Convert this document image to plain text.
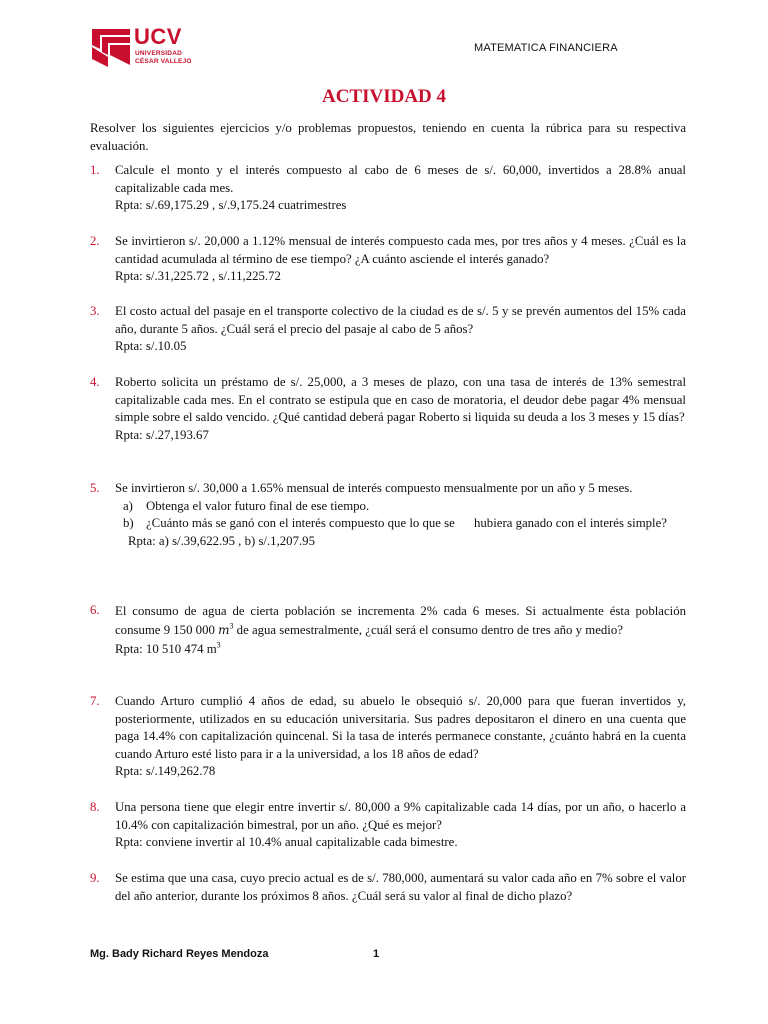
UCV
UNIVERSIDAD
CÉSAR VALLEJO
MATEMATICA FINANCIERA
ACTIVIDAD 4
Resolver los siguientes ejercicios y/o problemas propuestos, teniendo en cuenta la rúbrica para su respectiva evaluación.
1. Calcule el monto y el interés compuesto al cabo de 6 meses de s/. 60,000, invertidos a 28.8% anual capitalizable cada mes.
Rpta: s/.69,175.29 , s/.9,175.24 cuatrimestres
2. Se invirtieron s/. 20,000 a 1.12% mensual de interés compuesto cada mes, por tres años y 4 meses. ¿Cuál es la cantidad acumulada al término de ese tiempo? ¿A cuánto asciende el interés ganado?
Rpta: s/.31,225.72 , s/.11,225.72
3. El costo actual del pasaje en el transporte colectivo de la ciudad es de s/. 5 y se prevén aumentos del 15% cada año, durante 5 años. ¿Cuál será el precio del pasaje al cabo de 5 años?
Rpta: s/.10.05
4. Roberto solicita un préstamo de s/. 25,000, a 3 meses de plazo, con una tasa de interés de 13% semestral capitalizable cada mes. En el contrato se estipula que en caso de moratoria, el deudor debe pagar 4% mensual simple sobre el saldo vencido. ¿Qué cantidad deberá pagar Roberto si liquida su deuda a los 3 meses y 15 días?
Rpta: s/.27,193.67
5. Se invirtieron s/. 30,000 a 1.65% mensual de interés compuesto mensualmente por un año y 5 meses.
a)	Obtenga el valor futuro final de ese tiempo.
b) ¿Cuánto más se ganó con el interés compuesto que lo que se      hubiera ganado con el interés simple?
Rpta: a) s/.39,622.95 , b) s/.1,207.95
6. El consumo de agua de cierta población se incrementa 2% cada 6 meses. Si actualmente ésta población consume 9 150 000 $m^3$ de agua semestralmente, ¿cuál será el consumo dentro de tres año y medio?
Rpta: 10 510 474 $m^3$
7. Cuando Arturo cumplió 4 años de edad, su abuelo le obsequió s/. 20,000 para que fueran invertidos y, posteriormente, utilizados en su educación universitaria. Sus padres depositaron el dinero en una cuenta que paga 14.4% con capitalización quincenal. Si la tasa de interés permanece constante, ¿cuánto habrá en la cuenta cuando Arturo esté listo para ir a la universidad, a los 18 años de edad?
Rpta: s/.149,262.78
8. Una persona tiene que elegir entre invertir s/. 80,000 a 9% capitalizable cada 14 días, por un año, o hacerlo a 10.4% con capitalización bimestral, por un año. ¿Qué es mejor?
Rpta: conviene invertir al 10.4% anual capitalizable cada bimestre.
9. Se estima que una casa, cuyo precio actual es de s/. 780,000, aumentará su valor cada año en 7% sobre el valor del año anterior, durante los próximos 8 años. ¿Cuál será su valor al final de dicho plazo?
Mg. Bady Richard Reyes Mendoza	1
